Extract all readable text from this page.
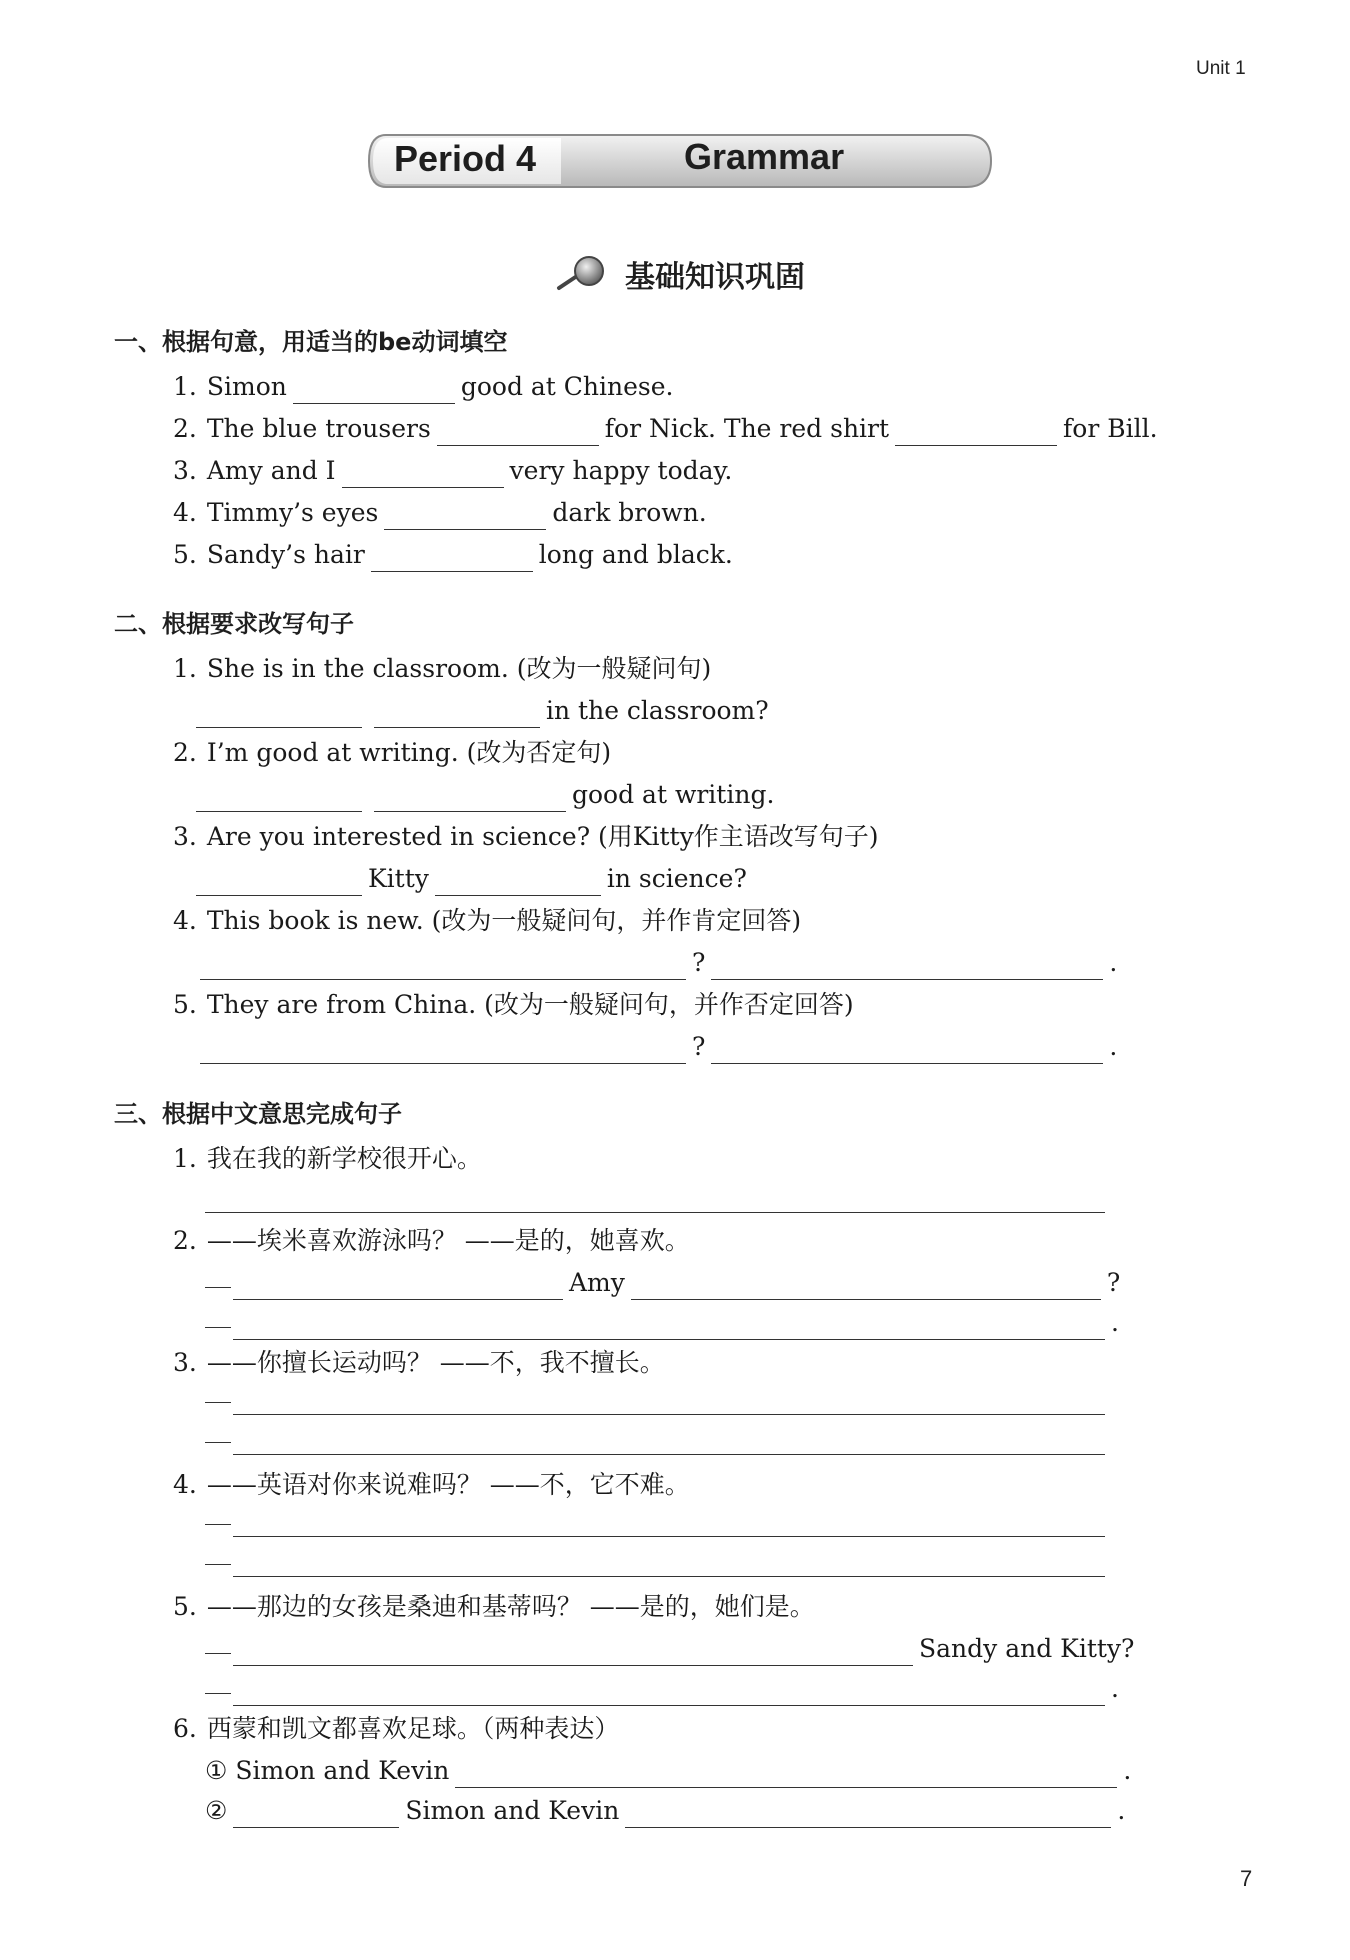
Unit 1
Period 4	Grammar
基础知识巩固
一、根据句意，用适当的be动词填空
1. Simon	good at Chinese.
2. The blue trousers	for Nick. The red shirt	for Bill.
3. Amy and I	very happy today.
4. Timmy’s eyes	dark brown.
5. Sandy’s hair	long and black.
二、根据要求改写句子
1. She is in the classroom. (改为一般疑问句)
in the classroom?
2. I’m good at writing. (改为否定句)
good at writing.
3. Are you interested in science? (用Kitty作主语改写句子)
Kitty	in science?
4. This book is new. (改为一般疑问句，并作肯定回答)
?	.
5. They are from China. (改为一般疑问句，并作否定回答)
?	.
三、根据中文意思完成句子
1. 我在我的新学校很开心。
2. ——埃米喜欢游泳吗？ ——是的，她喜欢。
Amy	?
.
3. ——你擅长运动吗？ ——不，我不擅长。
4. ——英语对你来说难吗？ ——不，它不难。
5. ——那边的女孩是桑迪和基蒂吗？ ——是的，她们是。
Sandy and Kitty?
.
6. 西蒙和凯文都喜欢足球。（两种表达）
① Simon and Kevin	.
②	Simon and Kevin	.
7
